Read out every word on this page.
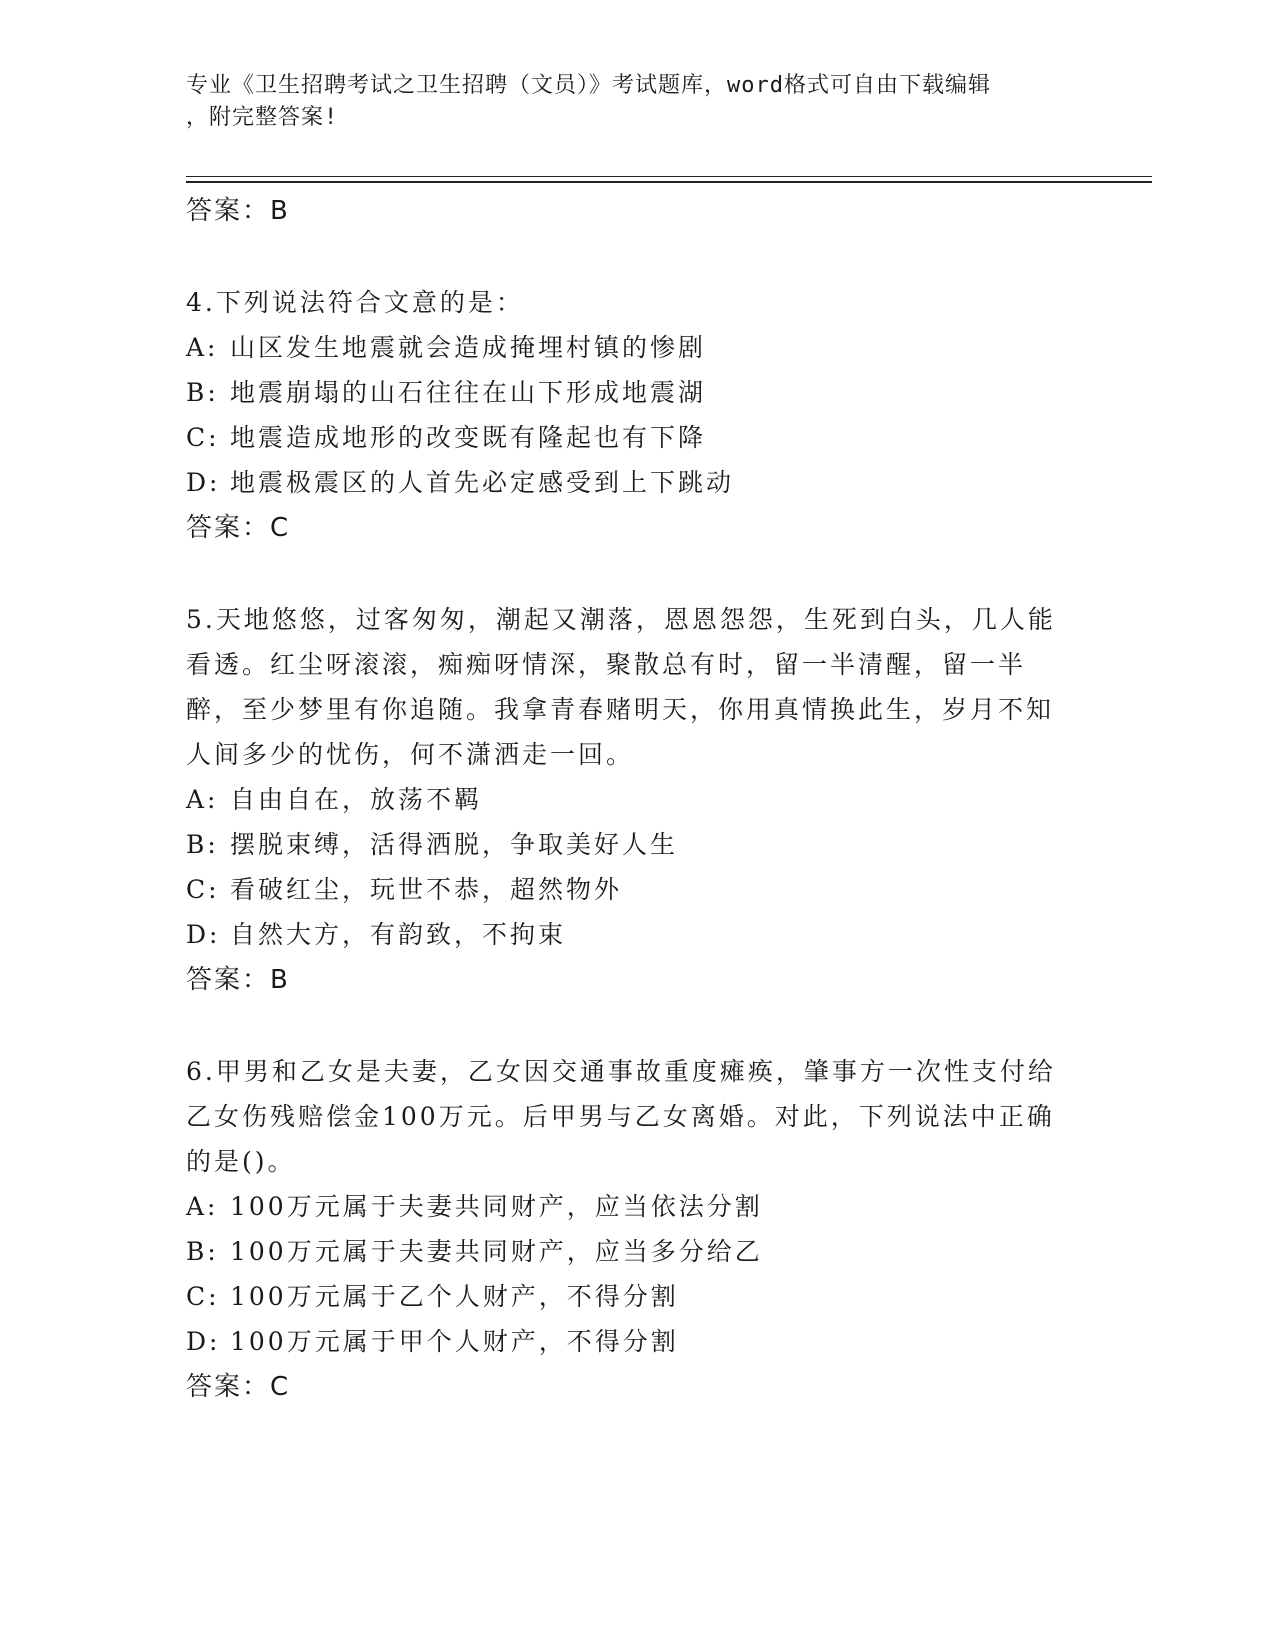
专业《卫生招聘考试之卫生招聘（文员）》考试题库，word格式可自由下载编辑
，附完整答案!
答案：B
4.下列说法符合文意的是：
A: 山区发生地震就会造成掩埋村镇的惨剧
B: 地震崩塌的山石往往在山下形成地震湖
C: 地震造成地形的改变既有隆起也有下降
D: 地震极震区的人首先必定感受到上下跳动
答案：C
5.天地悠悠，过客匆匆，潮起又潮落，恩恩怨怨，生死到白头，几人能看透。红尘呀滚滚，痴痴呀情深，聚散总有时，留一半清醒，留一半醉，至少梦里有你追随。我拿青春赌明天，你用真情换此生，岁月不知人间多少的忧伤，何不潇洒走一回。
A: 自由自在，放荡不羁
B: 摆脱束缚，活得洒脱，争取美好人生
C: 看破红尘，玩世不恭，超然物外
D: 自然大方，有韵致，不拘束
答案：B
6.甲男和乙女是夫妻，乙女因交通事故重度瘫痪，肇事方一次性支付给乙女伤残赔偿金100万元。后甲男与乙女离婚。对此，下列说法中正确的是()。
A: 100万元属于夫妻共同财产，应当依法分割
B: 100万元属于夫妻共同财产，应当多分给乙
C: 100万元属于乙个人财产，不得分割
D: 100万元属于甲个人财产，不得分割
答案：C
